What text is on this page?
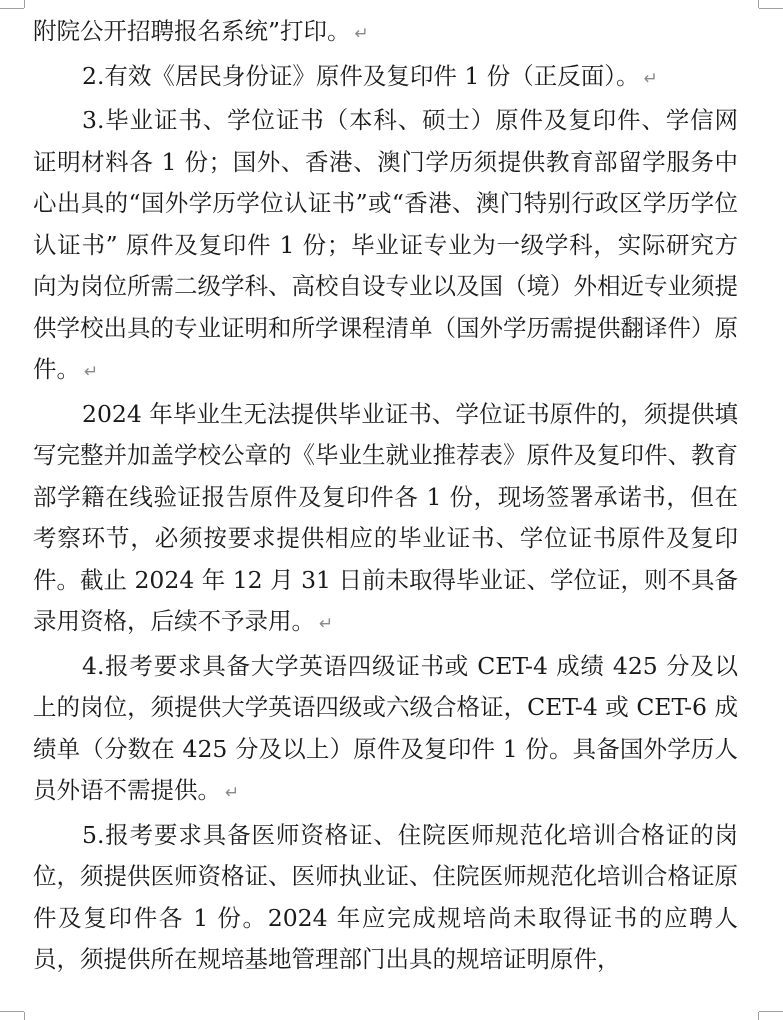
附院公开招聘报名系统”打印。 ↵

2.有效《居民身份证》原件及复印件 1 份（正反面）。 ↵

3.毕业证书、学位证书（本科、硕士）原件及复印件、学信网证明材料各 1 份；国外、香港、澳门学历须提供教育部留学服务中心出具的“国外学历学位认证书”或“香港、澳门特别行政区学历学位认证书” 原件及复印件 1 份；毕业证专业为一级学科，实际研究方向为岗位所需二级学科、高校自设专业以及国（境）外相近专业须提供学校出具的专业证明和所学课程清单（国外学历需提供翻译件）原件。 ↵

2024 年毕业生无法提供毕业证书、学位证书原件的，须提供填写完整并加盖学校公章的《毕业生就业推荐表》原件及复印件、教育部学籍在线验证报告原件及复印件各 1 份，现场签署承诺书，但在考察环节，必须按要求提供相应的毕业证书、学位证书原件及复印件。截止 2024 年 12 月 31 日前未取得毕业证、学位证，则不具备录用资格，后续不予录用。 ↵

4.报考要求具备大学英语四级证书或 CET-4 成绩 425 分及以上的岗位，须提供大学英语四级或六级合格证，CET-4 或 CET-6 成绩单（分数在 425 分及以上）原件及复印件 1 份。具备国外学历人员外语不需提供。 ↵

5.报考要求具备医师资格证、住院医师规范化培训合格证的岗位，须提供医师资格证、医师执业证、住院医师规范化培训合格证原件及复印件各 1 份。2024 年应完成规培尚未取得证书的应聘人员，须提供所在规培基地管理部门出具的规培证明原件，
